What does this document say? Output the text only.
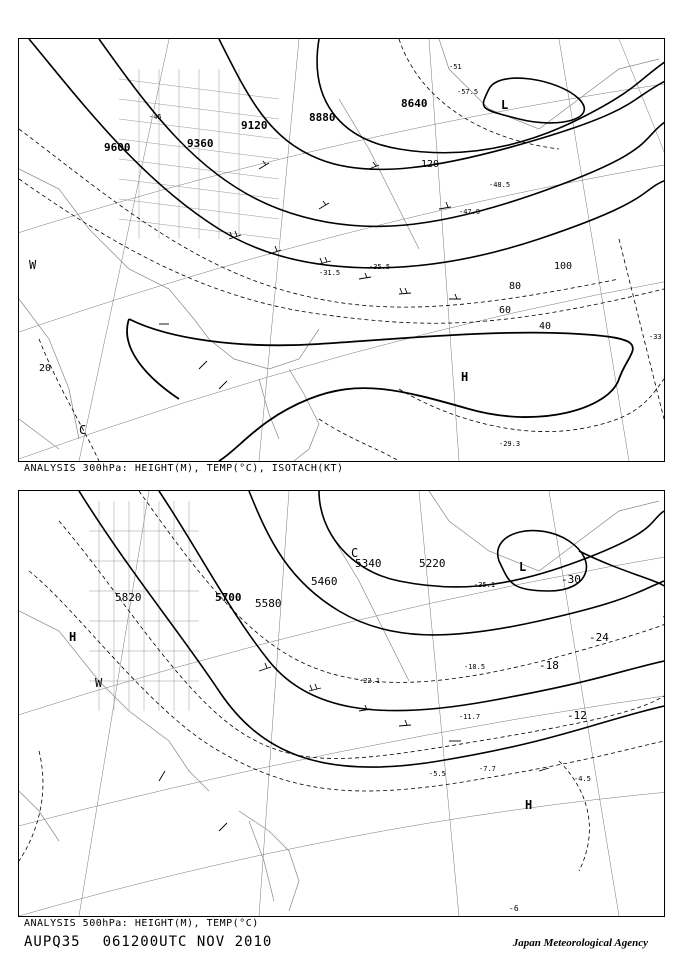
9600	9360
9120
8880
8640
20
40
60
80
100
120
-29.3
-31.5
-33
-35.5
-45
-47.9
-48.5
-51
-57.5
L
H
C
W
ANALYSIS 300hPa: HEIGHT(M), TEMP(°C), ISOTACH(KT)
5820	5700 5580
5460
5340	5220
-30
-24
-18
-12
-6
-4.5
-5.5
-7.7
-11.7
-18.5
-22.1
-35.1
L
H
H
C
W
ANALYSIS 500hPa: HEIGHT(M), TEMP(°C)
AUPQ35 061200UTC NOV 2010	Japan Meteorological Agency
